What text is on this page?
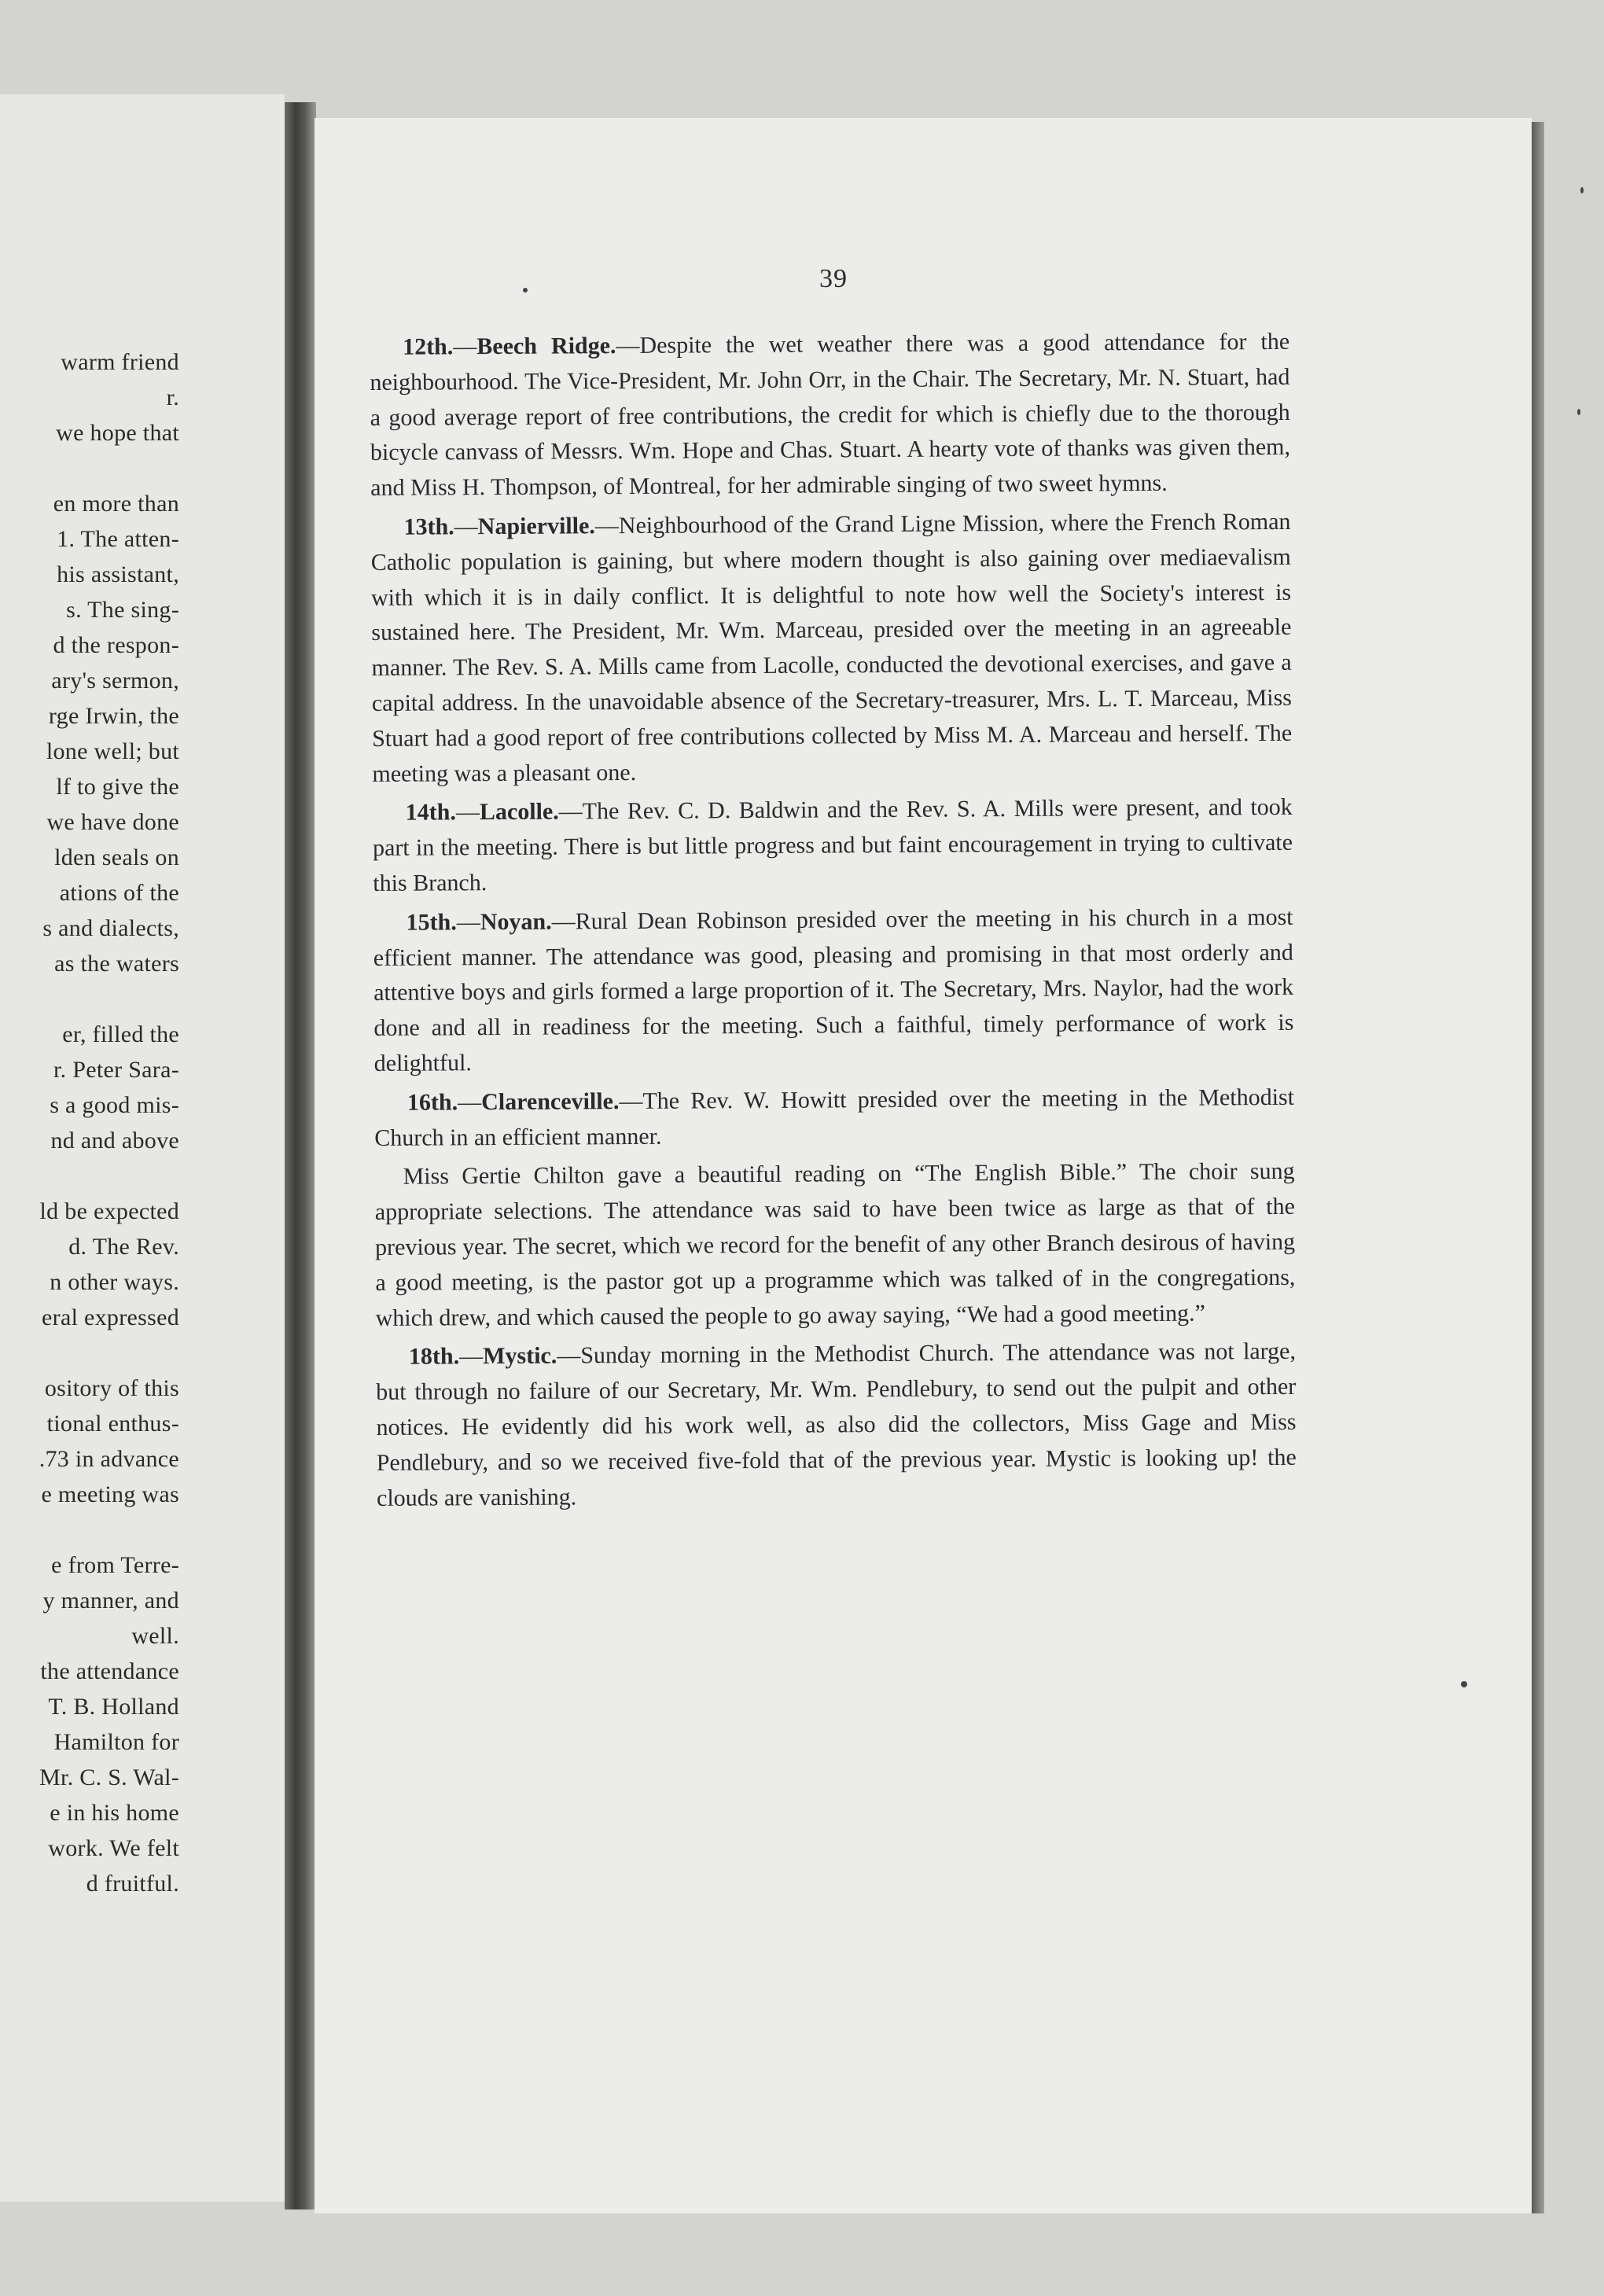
warm friend
r.
we hope that
en more than
1. The atten-
his assistant,
s. The sing-
d the respon-
ary's sermon,
rge Irwin, the
lone well; but
lf to give the
we have done
lden seals on
ations of the
s and dialects,
as the waters
er, filled the
r. Peter Sara-
s a good mis-
nd and above
ld be expected
d. The Rev.
n other ways.
eral expressed
ository of this
tional enthus-
.73 in advance
e meeting was
e from Terre-
y manner, and
well.
the attendance
T. B. Holland
Hamilton for
Mr. C. S. Wal-
e in his home
work. We felt
d fruitful.
39

12th.—Beech Ridge.—Despite the wet weather there was a good attendance for the neighbourhood. The Vice-President, Mr. John Orr, in the Chair. The Secretary, Mr. N. Stuart, had a good average report of free contributions, the credit for which is chiefly due to the thorough bicycle canvass of Messrs. Wm. Hope and Chas. Stuart. A hearty vote of thanks was given them, and Miss H. Thompson, of Montreal, for her admirable singing of two sweet hymns.

13th.—Napierville.—Neighbourhood of the Grand Ligne Mission, where the French Roman Catholic population is gaining, but where modern thought is also gaining over mediaevalism with which it is in daily conflict. It is delightful to note how well the Society's interest is sustained here. The President, Mr. Wm. Marceau, presided over the meeting in an agreeable manner. The Rev. S. A. Mills came from Lacolle, conducted the devotional exercises, and gave a capital address. In the unavoidable absence of the Secretary-treasurer, Mrs. L. T. Marceau, Miss Stuart had a good report of free contributions collected by Miss M. A. Marceau and herself. The meeting was a pleasant one.

14th.—Lacolle.—The Rev. C. D. Baldwin and the Rev. S. A. Mills were present, and took part in the meeting. There is but little progress and but faint encouragement in trying to cultivate this Branch.

15th.—Noyan.—Rural Dean Robinson presided over the meeting in his church in a most efficient manner. The attendance was good, pleasing and promising in that most orderly and attentive boys and girls formed a large proportion of it. The Secretary, Mrs. Naylor, had the work done and all in readiness for the meeting. Such a faithful, timely performance of work is delightful.

16th.—Clarenceville.—The Rev. W. Howitt presided over the meeting in the Methodist Church in an efficient manner.

Miss Gertie Chilton gave a beautiful reading on “The English Bible.” The choir sung appropriate selections. The attendance was said to have been twice as large as that of the previous year. The secret, which we record for the benefit of any other Branch desirous of having a good meeting, is the pastor got up a programme which was talked of in the congregations, which drew, and which caused the people to go away saying, “We had a good meeting.”

18th.—Mystic.—Sunday morning in the Methodist Church. The attendance was not large, but through no failure of our Secretary, Mr. Wm. Pendlebury, to send out the pulpit and other notices. He evidently did his work well, as also did the collectors, Miss Gage and Miss Pendlebury, and so we received five-fold that of the previous year. Mystic is looking up! the clouds are vanishing.
